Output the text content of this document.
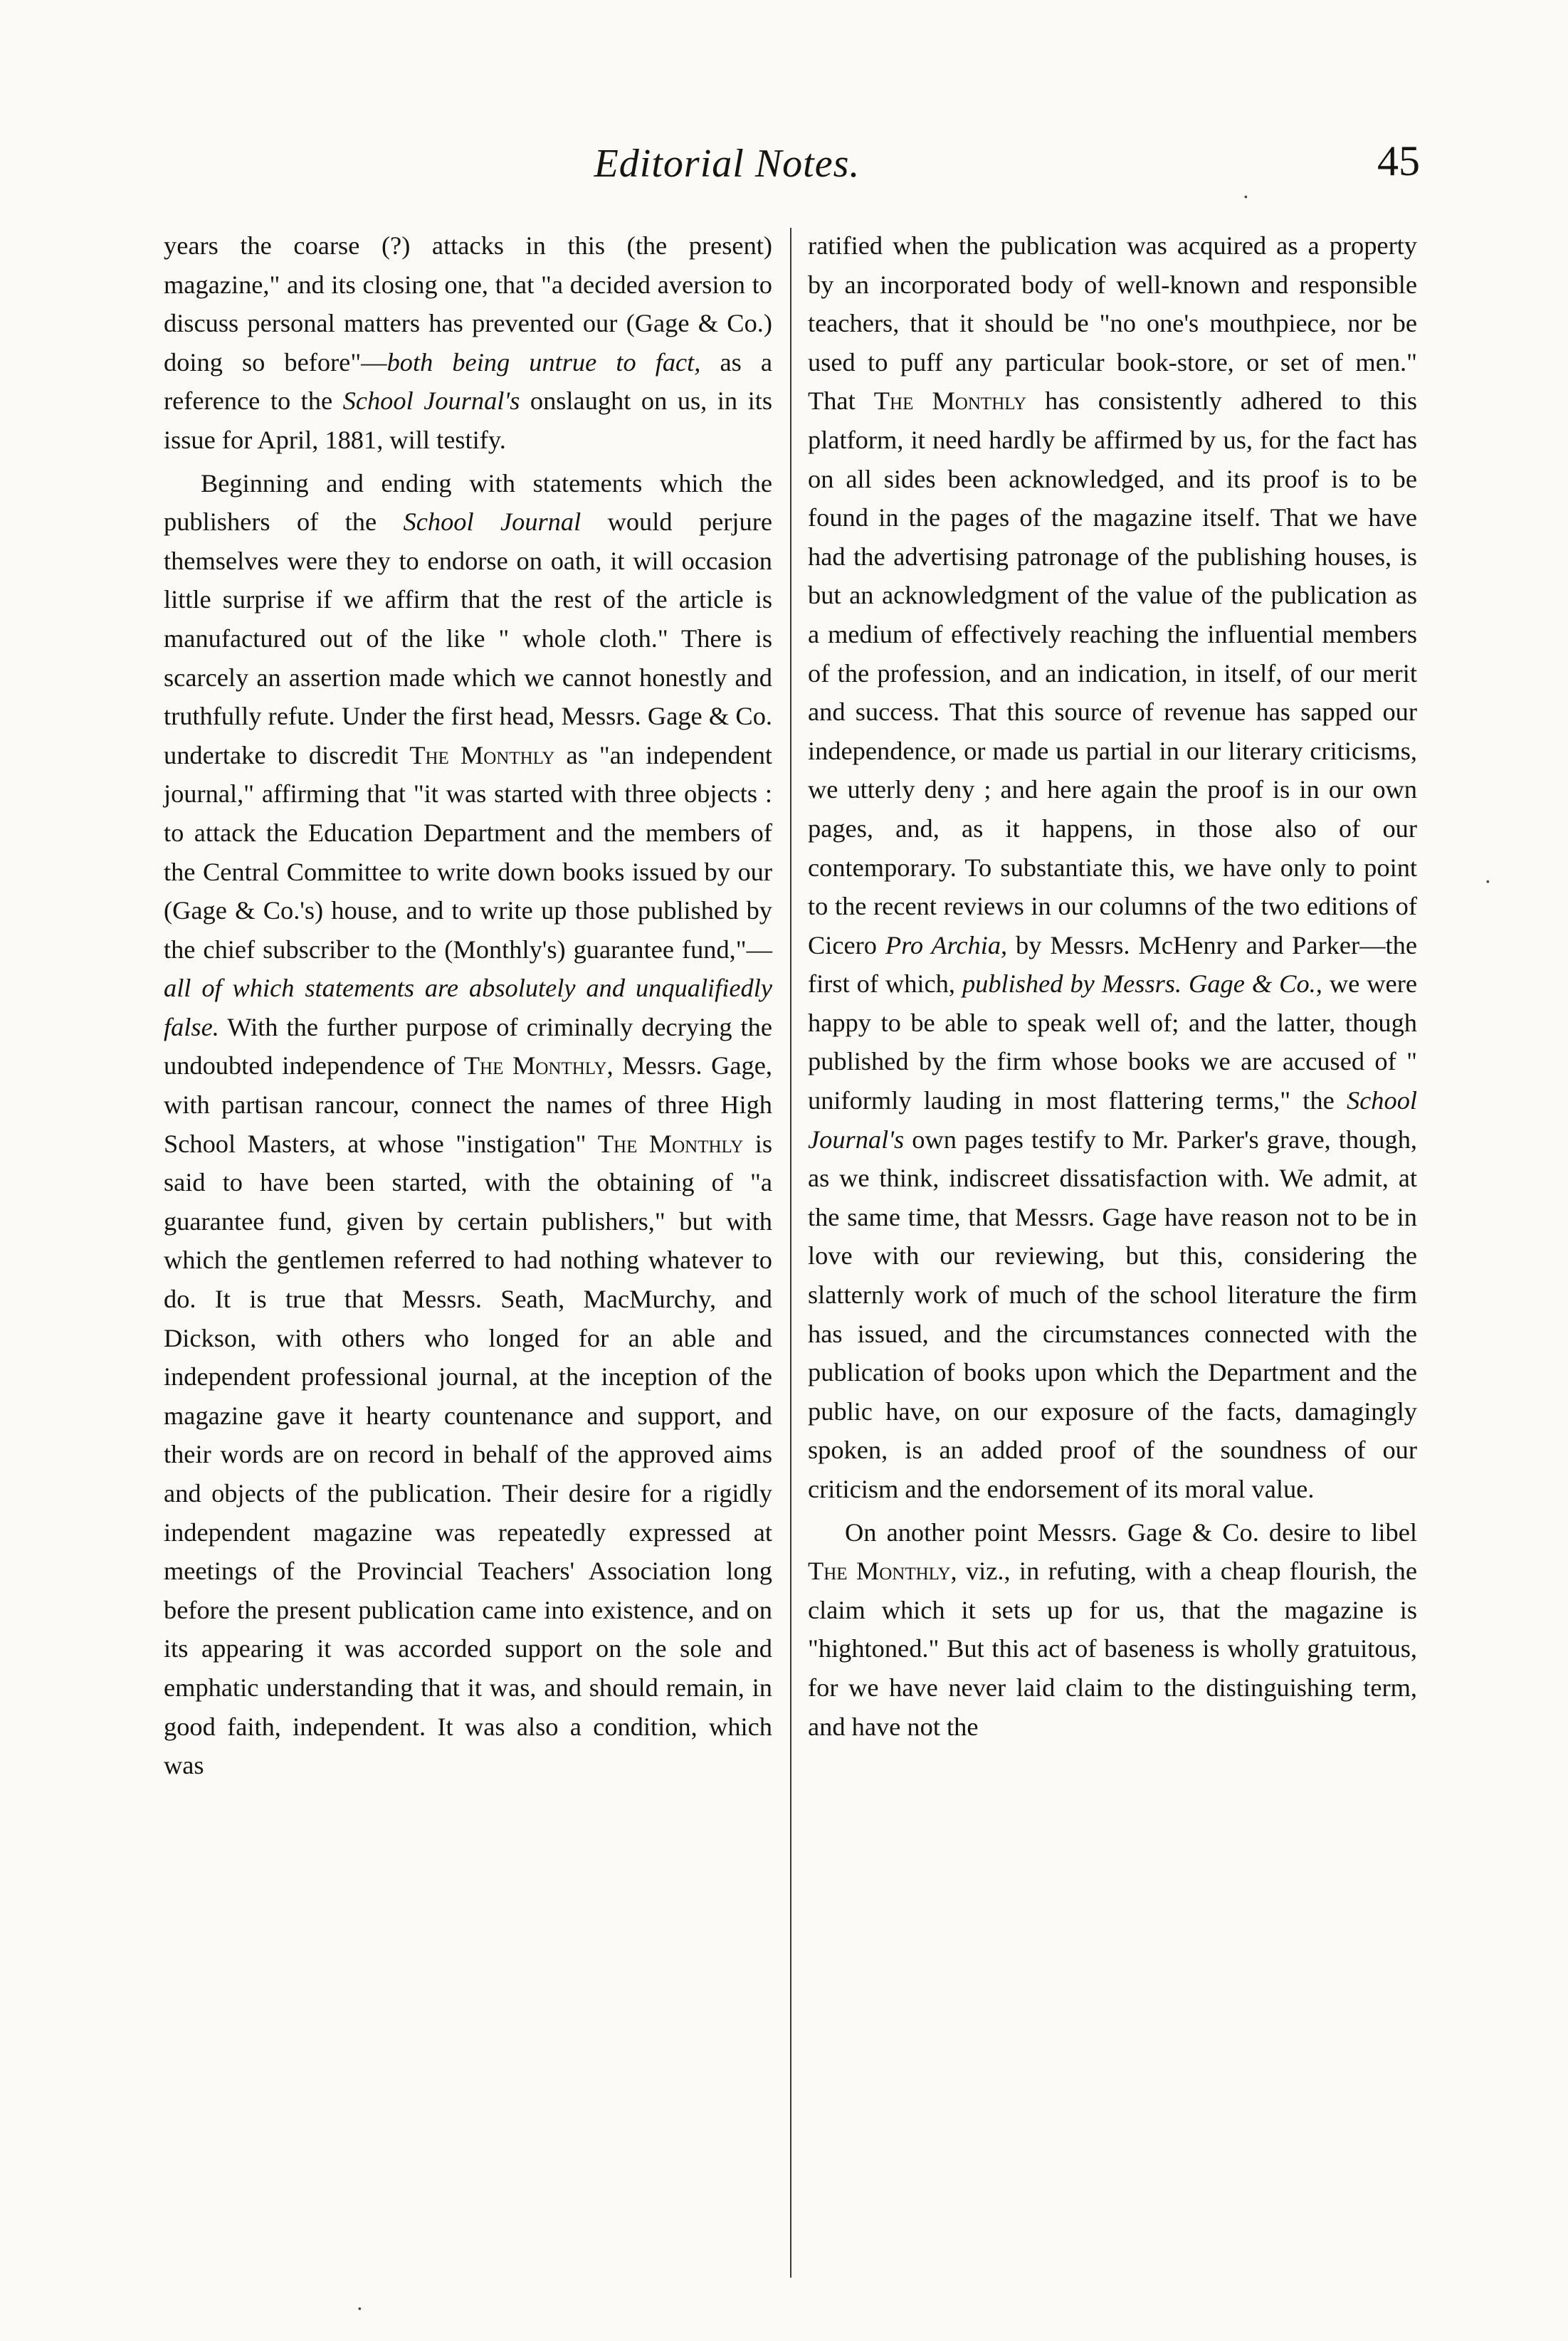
Editorial Notes.	45

years the coarse (?) attacks in this (the present) magazine," and its closing one, that "a decided aversion to discuss personal matters has prevented our (Gage & Co.) doing so before"—both being untrue to fact, as a reference to the School Journal's onslaught on us, in its issue for April, 1881, will testify.

Beginning and ending with statements which the publishers of the School Journal would perjure themselves were they to endorse on oath, it will occasion little surprise if we affirm that the rest of the article is manufactured out of the like " whole cloth." There is scarcely an assertion made which we cannot honestly and truthfully refute. Under the first head, Messrs. Gage & Co. undertake to discredit The Monthly as "an independent journal," affirming that "it was started with three objects : to attack the Education Department and the members of the Central Committee to write down books issued by our (Gage & Co.'s) house, and to write up those published by the chief subscriber to the (Monthly's) guarantee fund,"—all of which statements are absolutely and unqualifiedly false. With the further purpose of criminally decrying the undoubted independence of The Monthly, Messrs. Gage, with partisan rancour, connect the names of three High School Masters, at whose "instigation" The Monthly is said to have been started, with the obtaining of "a guarantee fund, given by certain publishers," but with which the gentlemen referred to had nothing whatever to do. It is true that Messrs. Seath, MacMurchy, and Dickson, with others who longed for an able and independent professional journal, at the inception of the magazine gave it hearty countenance and support, and their words are on record in behalf of the approved aims and objects of the publication. Their desire for a rigidly independent magazine was repeatedly expressed at meetings of the Provincial Teachers' Association long before the present publication came into existence, and on its appearing it was accorded support on the sole and emphatic understanding that it was, and should remain, in good faith, independent. It was also a condition, which was

ratified when the publication was acquired as a property by an incorporated body of well-known and responsible teachers, that it should be "no one's mouthpiece, nor be used to puff any particular book-store, or set of men." That The Monthly has consistently adhered to this platform, it need hardly be affirmed by us, for the fact has on all sides been acknowledged, and its proof is to be found in the pages of the magazine itself. That we have had the advertising patronage of the publishing houses, is but an acknowledgment of the value of the publication as a medium of effectively reaching the influential members of the profession, and an indication, in itself, of our merit and success. That this source of revenue has sapped our independence, or made us partial in our literary criticisms, we utterly deny ; and here again the proof is in our own pages, and, as it happens, in those also of our contemporary. To substantiate this, we have only to point to the recent reviews in our columns of the two editions of Cicero Pro Archia, by Messrs. McHenry and Parker—the first of which, published by Messrs. Gage & Co., we were happy to be able to speak well of; and the latter, though published by the firm whose books we are accused of " uniformly lauding in most flattering terms," the School Journal's own pages testify to Mr. Parker's grave, though, as we think, indiscreet dissatisfaction with. We admit, at the same time, that Messrs. Gage have reason not to be in love with our reviewing, but this, considering the slatternly work of much of the school literature the firm has issued, and the circumstances connected with the publication of books upon which the Department and the public have, on our exposure of the facts, damagingly spoken, is an added proof of the soundness of our criticism and the endorsement of its moral value.

On another point Messrs. Gage & Co. desire to libel The Monthly, viz., in refuting, with a cheap flourish, the claim which it sets up for us, that the magazine is "hightoned." But this act of baseness is wholly gratuitous, for we have never laid claim to the distinguishing term, and have not the

·
·
·
